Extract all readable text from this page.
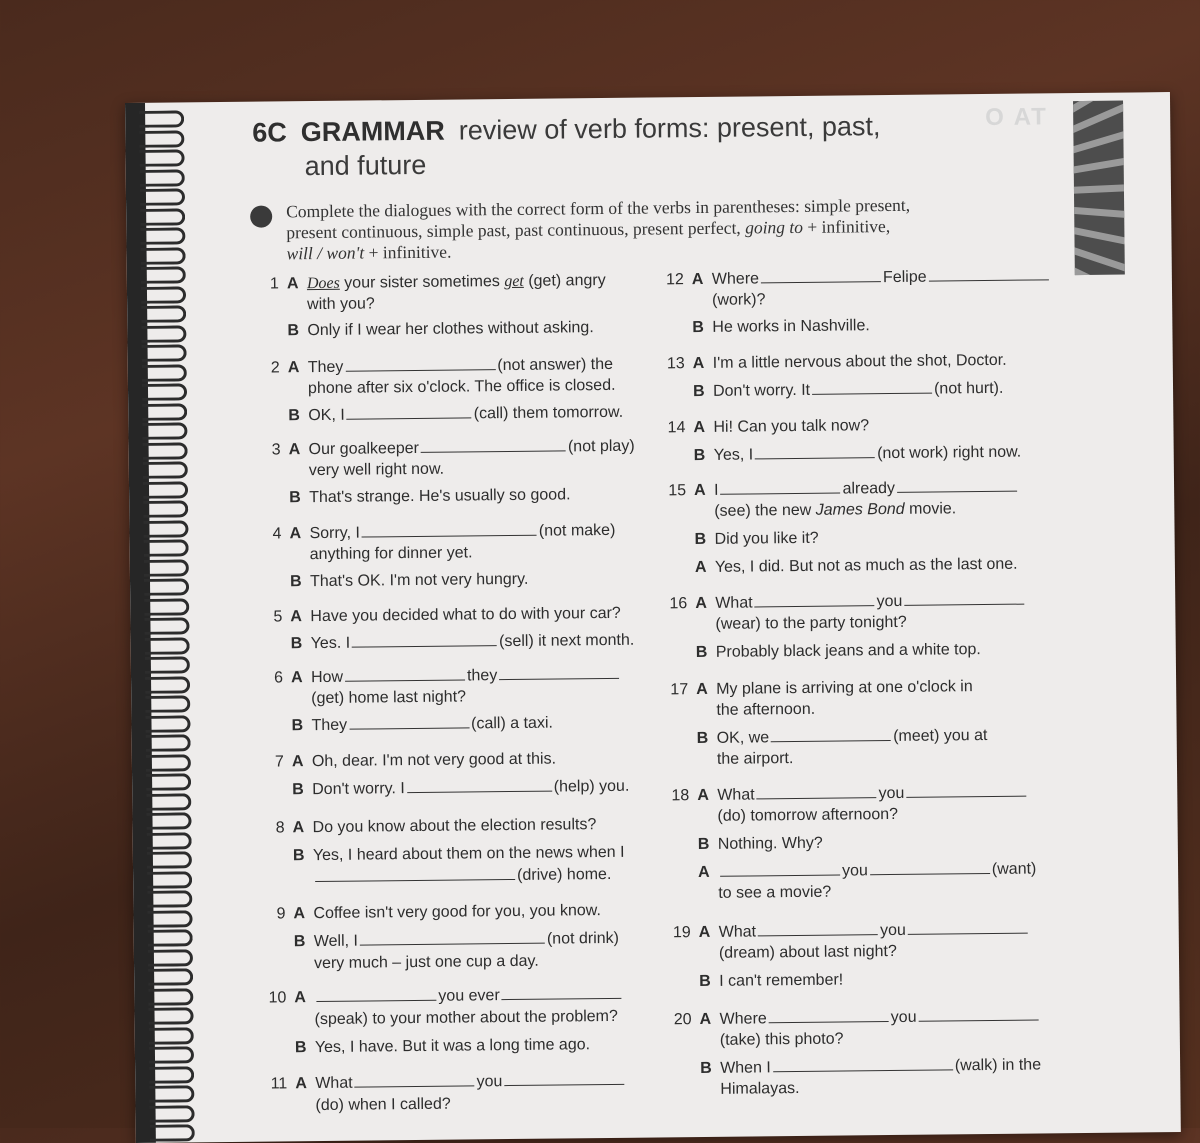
6C GRAMMAR review of verb forms: present, past,
and future
O AT
Complete the dialogues with the correct form of the verbs in parentheses: simple present,
present continuous, simple past, past continuous, present perfect, going to + infinitive,
will / won't + infinitive.
1 A Does your sister sometimes get (get) angry
with you?
B Only if I wear her clothes without asking.
2 A They	(not answer) the
phone after six o'clock. The office is closed.
B OK, I	(call) them tomorrow.
3 A Our goalkeeper	(not play)
very well right now.
B That's strange. He's usually so good.
4 A Sorry, I	(not make)
anything for dinner yet.
B That's OK. I'm not very hungry.
5 A Have you decided what to do with your car?
B Yes. I	(sell) it next month.
6 A How	they
(get) home last night?
B They	(call) a taxi.
7 A Oh, dear. I'm not very good at this.
B Don't worry. I	(help) you.
8 A Do you know about the election results?
B Yes, I heard about them on the news when I
(drive) home.
9 A Coffee isn't very good for you, you know.
B Well, I	(not drink)
very much – just one cup a day.
10 A	you ever
(speak) to your mother about the problem?
B Yes, I have. But it was a long time ago.
11 A What	you
(do) when I called?
12 A Where	Felipe
(work)?
B He works in Nashville.
13 A I'm a little nervous about the shot, Doctor.
B Don't worry. It	(not hurt).
14 A Hi! Can you talk now?
B Yes, I	(not work) right now.
15 A I	already
(see) the new James Bond movie.
B Did you like it?
A Yes, I did. But not as much as the last one.
16 A What	you
(wear) to the party tonight?
B Probably black jeans and a white top.
17 A My plane is arriving at one o'clock in
the afternoon.
B OK, we	(meet) you at
the airport.
18 A What	you
(do) tomorrow afternoon?
B Nothing. Why?
A	you	(want)
to see a movie?
19 A What	you
(dream) about last night?
B I can't remember!
20 A Where	you
(take) this photo?
B When I	(walk) in the
Himalayas.
